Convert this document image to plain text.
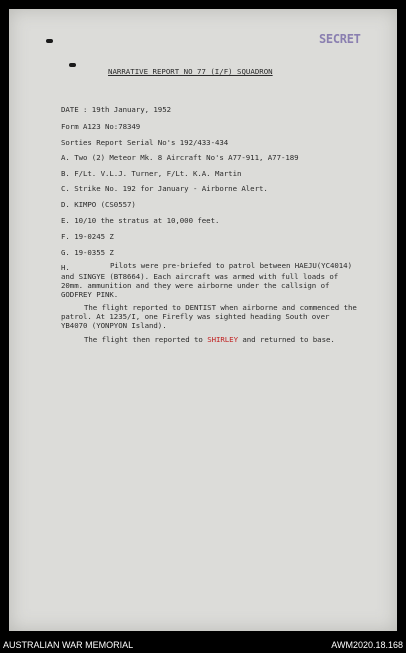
SECRET
NARRATIVE REPORT NO 77 (I/F) SQUADRON
DATE : 19th January, 1952
Form A123 No:78349
Sorties Report Serial No's 192/433-434
A. Two (2) Meteor Mk. 8 Aircraft No's A77-911, A77-189
B. F/Lt. V.L.J. Turner, F/Lt. K.A. Martin
C. Strike No. 192 for January - Airborne Alert.
D. KIMPO (CS0557)
E. 10/10 the stratus at 10,000 feet.
F. 19-0245 Z
G. 19-0355 Z
H.	Pilots were pre-briefed to patrol between HAEJU(YC4014)
and SINGYE (BT8664). Each aircraft was armed with full loads of
20mm. ammunition and they were airborne under the callsign of
GODFREY PINK.
The flight reported to DENTIST when airborne and commenced the
patrol. At 1235/I, one Firefly was sighted heading South over
YB4070 (YONPYON Island).
The flight then reported to SHIRLEY and returned to base.
AUSTRALIAN WAR MEMORIAL	AWM2020.18.168
